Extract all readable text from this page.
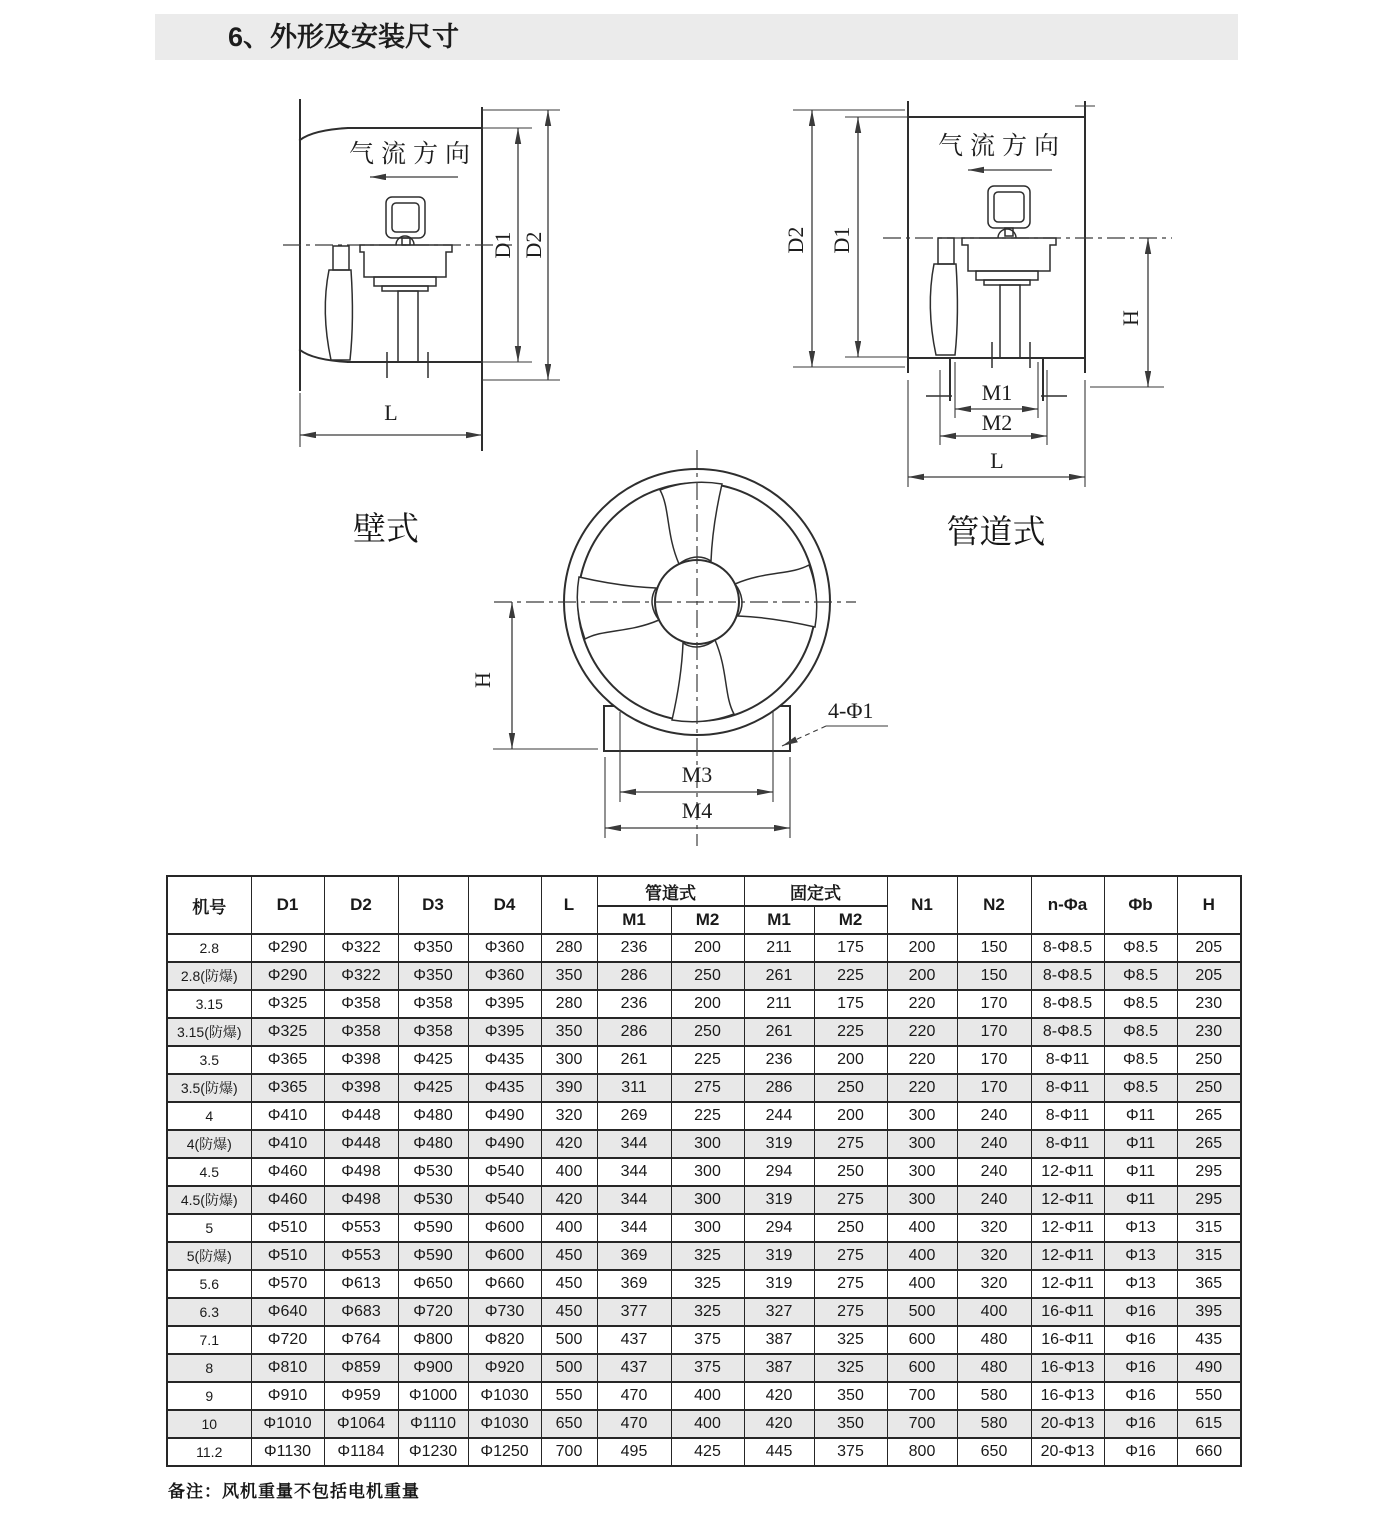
6、外形及安装尺寸
气流方向
D1 D2
L
壁式
气流方向
D2 D1
H
M1
M2
L
管道式
H
4-Φ1
M3
M4
机号	D1	D2	D3	D4	L	管道式		固定式		N1	N2	n-Φa	Φb	H
						M1	M2	M1	M2					
2.8	Φ290	Φ322	Φ350	Φ360	280	236	200	211	175	200	150	8-Φ8.5	Φ8.5	205
2.8(防爆)	Φ290	Φ322	Φ350	Φ360	350	286	250	261	225	200	150	8-Φ8.5	Φ8.5	205
3.15	Φ325	Φ358	Φ358	Φ395	280	236	200	211	175	220	170	8-Φ8.5	Φ8.5	230
3.15(防爆)	Φ325	Φ358	Φ358	Φ395	350	286	250	261	225	220	170	8-Φ8.5	Φ8.5	230
3.5	Φ365	Φ398	Φ425	Φ435	300	261	225	236	200	220	170	8-Φ11	Φ8.5	250
3.5(防爆)	Φ365	Φ398	Φ425	Φ435	390	311	275	286	250	220	170	8-Φ11	Φ8.5	250
4	Φ410	Φ448	Φ480	Φ490	320	269	225	244	200	300	240	8-Φ11	Φ11	265
4(防爆)	Φ410	Φ448	Φ480	Φ490	420	344	300	319	275	300	240	8-Φ11	Φ11	265
4.5	Φ460	Φ498	Φ530	Φ540	400	344	300	294	250	300	240	12-Φ11	Φ11	295
4.5(防爆)	Φ460	Φ498	Φ530	Φ540	420	344	300	319	275	300	240	12-Φ11	Φ11	295
5	Φ510	Φ553	Φ590	Φ600	400	344	300	294	250	400	320	12-Φ11	Φ13	315
5(防爆)	Φ510	Φ553	Φ590	Φ600	450	369	325	319	275	400	320	12-Φ11	Φ13	315
5.6	Φ570	Φ613	Φ650	Φ660	450	369	325	319	275	400	320	12-Φ11	Φ13	365
6.3	Φ640	Φ683	Φ720	Φ730	450	377	325	327	275	500	400	16-Φ11	Φ16	395
7.1	Φ720	Φ764	Φ800	Φ820	500	437	375	387	325	600	480	16-Φ11	Φ16	435
8	Φ810	Φ859	Φ900	Φ920	500	437	375	387	325	600	480	16-Φ13	Φ16	490
9	Φ910	Φ959	Φ1000	Φ1030	550	470	400	420	350	700	580	16-Φ13	Φ16	550
10	Φ1010	Φ1064	Φ1110	Φ1030	650	470	400	420	350	700	580	20-Φ13	Φ16	615
11.2	Φ1130	Φ1184	Φ1230	Φ1250	700	495	425	445	375	800	650	20-Φ13	Φ16	660
备注：风机重量不包括电机重量
